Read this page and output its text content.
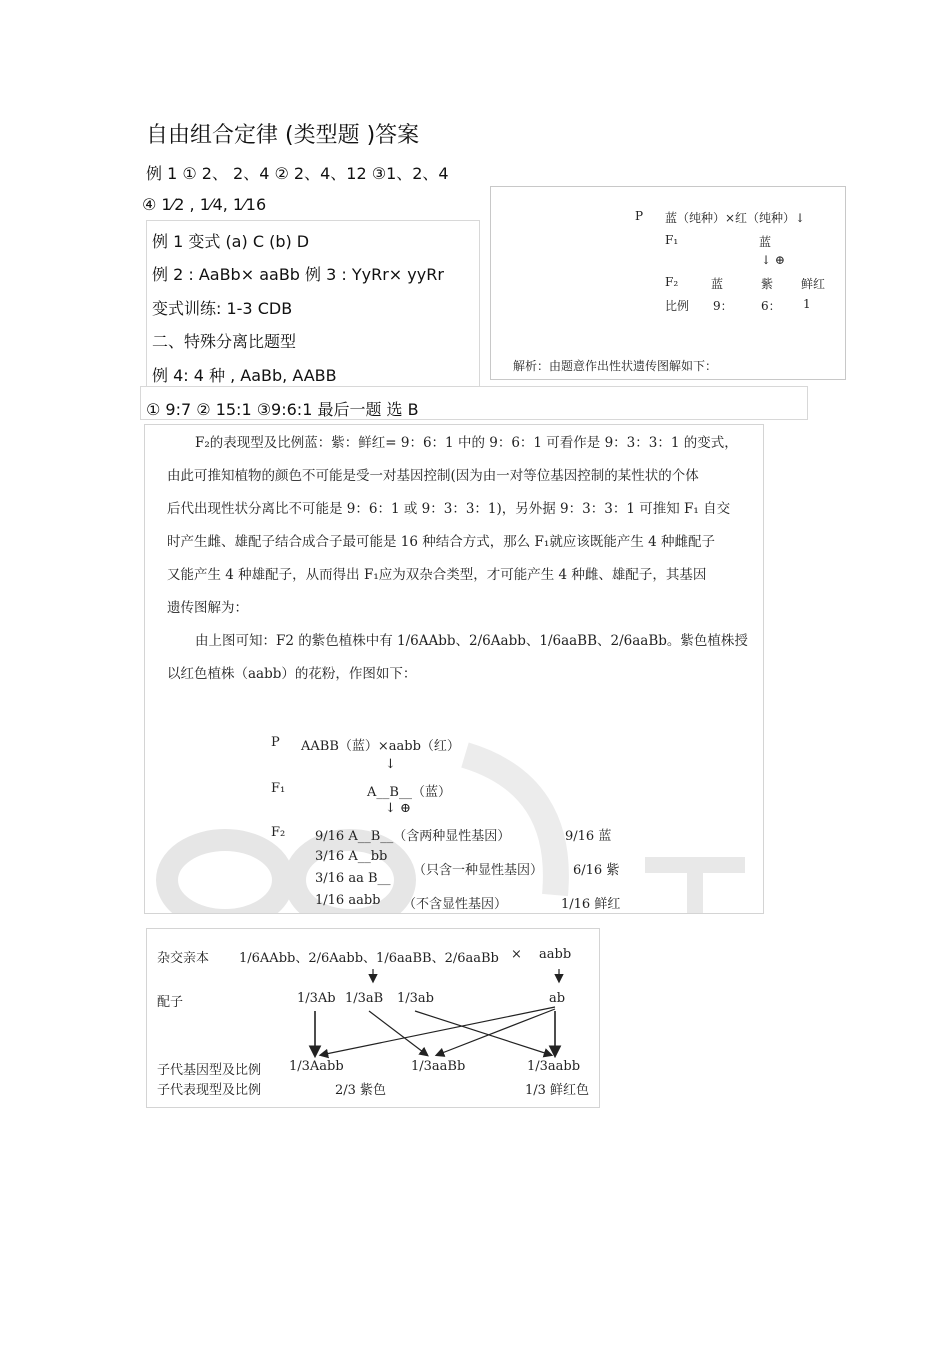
自由组合定律 (类型题 )答案
例 1 ① 2、 2、4 ② 2、4、12 ③1、2、4
④ 1⁄2 , 1⁄4, 1⁄16
例 1 变式 (a) C (b) D
例 2 : AaBb× aaBb 例 3 : YyRr× yyRr
变式训练: 1-3 CDB
二、特殊分离比题型
例 4: 4 种 , AaBb, AABB
① 9:7 ② 15:1 ③9:6:1 最后一题 选 B
P 蓝（纯种）×红（纯种）↓
F₁	蓝
↓ ⊕
F₂	蓝	紫 鲜红
比例 9： 6： 1
解析：由题意作出性状遗传图解如下：
F₂的表现型及比例蓝：紫：鲜红= 9：6：1 中的 9：6：1 可看作是 9：3：3：1 的变式，
由此可推知植物的颜色不可能是受一对基因控制(因为由一对等位基因控制的某性状的个体
后代出现性状分离比不可能是 9：6：1 或 9：3：3：1)，另外据 9：3：3：1 可推知 F₁ 自交
时产生雌、雄配子结合成合子最可能是 16 种结合方式，那么 F₁就应该既能产生 4 种雌配子
又能产生 4 种雄配子，从而得出 F₁应为双杂合类型，才可能产生 4 种雌、雄配子，其基因
遗传图解为：
由上图可知：F2 的紫色植株中有 1/6AAbb、2/6Aabb、1/6aaBB、2/6aaBb。紫色植株授
以红色植株（aabb）的花粉，作图如下：
P AABB（蓝）×aabb（红）
↓
F₁	A__B__（蓝）
↓ ⊕
F₂ 9/16 A__B__（含两种显性基因）	9/16 蓝
3/16 A__bb
3/16 aa B__
（只含一种显性基因） 6/16 紫
1/16 aabb （不含显性基因）	1/16 鲜红
杂交亲本 1/6AAbb、2/6Aabb、1/6aaBB、2/6aaBb × aabb
配子	1/3Ab 1/3aB 1/3ab	ab
子代基因型及比例 1/3Aabb	1/3aaBb	1/3aabb
子代表现型及比例	2/3 紫色	1/3 鲜红色
